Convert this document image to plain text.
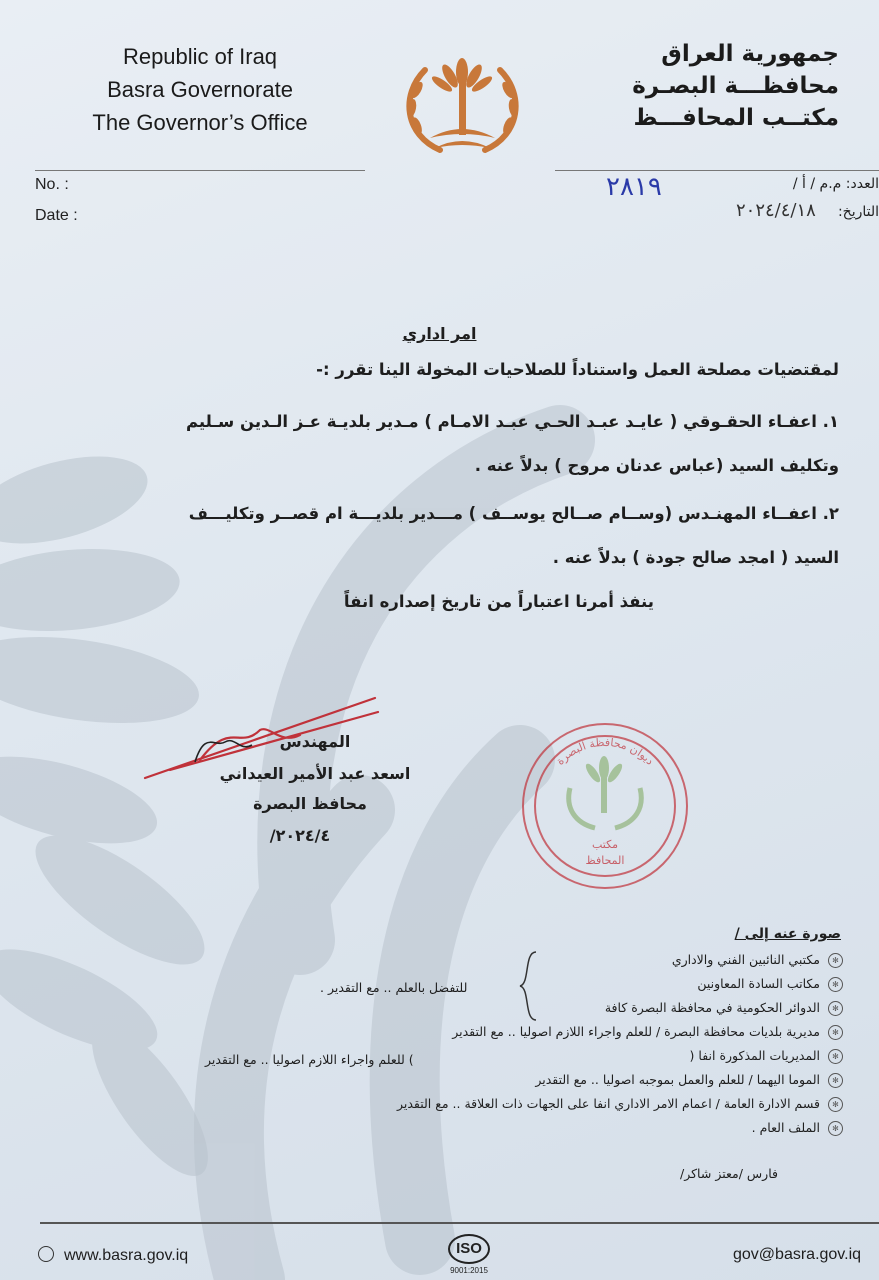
Republic of Iraq
Basra Governorate
The Governor’s Office
جمهورية العراق
محافظـــة البصـرة
مكتــب المحافـــظ
No. :
Date :
العدد: م.م / أ /
التاريخ:
٢٨١٩
٢٠٢٤/٤/١٨
امر اداري
لمقتضيات مصلحة العمل واستناداً للصلاحيات المخولة الينا تقرر :-
١. اعفـاء الحقـوقي ( عايـد عبـد الحـي عبـد الامـام ) مـدير بلديـة عـز الـدين سـليم
وتكليف السيد (عباس عدنان مروح ) بدلاً عنه .
٢. اعفــاء المهنـدس (وســام صــالح يوســف ) مـــدير بلديـــة ام قصــر وتكليـــف
السيد ( امجد صالح جودة ) بدلاً عنه .
ينفذ أمرنا اعتباراً من تاريخ إصداره انفاً
المهندس
اسعد عبد الأمير العيداني
محافظ البصرة
٢٠٢٤/٤/
ديوان محافظة البصرة
مكتب
المحافظ
صورة عنه إلى /
✻مكتبي النائبين الفني والاداري
✻مكاتب السادة المعاونين
✻الدوائر الحكومية في محافظة البصرة كافة
✻مديرية بلديات محافظة البصرة / للعلم واجراء اللازم اصوليا .. مع التقدير
✻المديريات المذكورة انفا (
✻الموما اليهما / للعلم والعمل بموجبه اصوليا .. مع التقدير
✻قسم الادارة العامة / اعمام الامر الاداري انفا على الجهات ذات العلاقة .. مع التقدير
✻الملف العام .
للتفضل بالعلم .. مع التقدير .
) للعلم واجراء اللازم اصوليا .. مع التقدير
فارس /معتز شاكر/
www.basra.gov.iq	ISO
9001:2015
gov@basra.gov.iq
